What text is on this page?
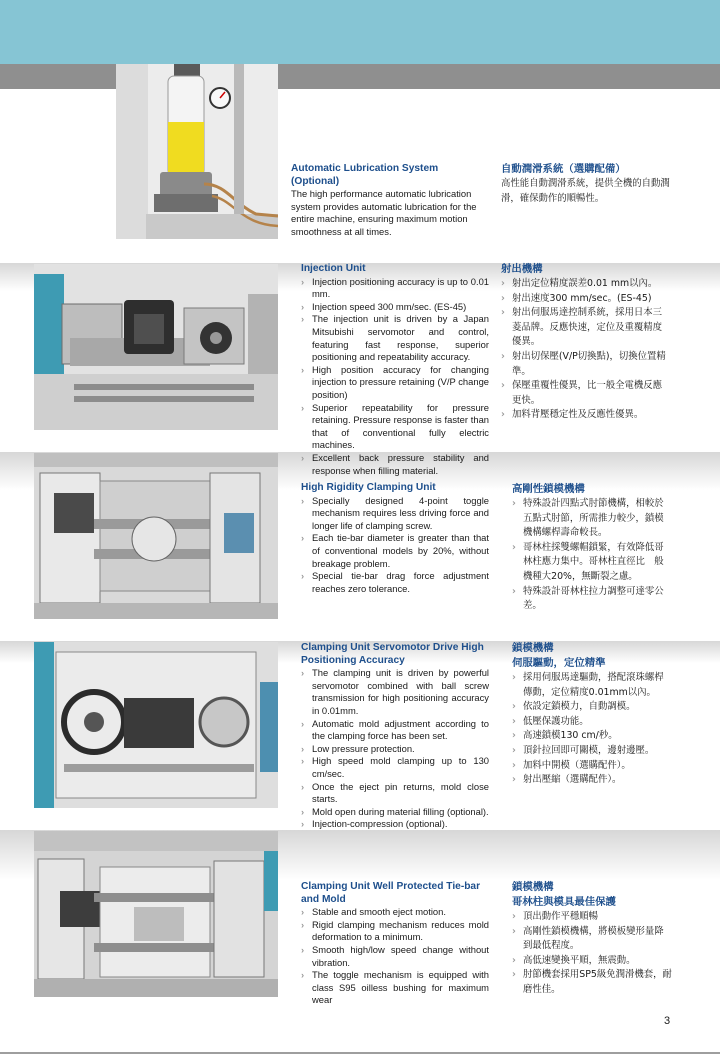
Automatic Lubrication System (Optional)

The high performance automatic lubrication system provides automatic lubrication for the entire machine, ensuring maximum motion smoothness at all times.

自動潤滑系統（選購配備）

高性能自動潤滑系統，提供全機的自動潤滑，確保動作的順暢性。

Injection Unit

› Injection positioning accuracy is up to 0.01 mm.
› Injection speed 300 mm/sec. (ES-45)
› The injection unit is driven by a Japan Mitsubishi servomotor and control, featuring fast response, superior positioning and repeatability accuracy.
› High position accuracy for changing injection to pressure retaining (V/P change position)
› Superior repeatability for pressure retaining. Pressure response is faster than that of conventional fully electric machines.
› Excellent back pressure stability and response when filling material.

射出機構

› 射出定位精度誤差0.01 mm以內。
› 射出速度300 mm/sec。(ES-45)
› 射出伺服馬達控制系統，採用日本三菱品牌。反應快速，定位及重覆精度優異。
› 射出切保壓(V/P切換點)，切換位置精準。
› 保壓重覆性優異，比一般全電機反應更快。
› 加料背壓穩定性及反應性優異。

High Rigidity Clamping Unit

› Specially designed 4-point toggle mechanism requires less driving force and longer life of clamping screw.
› Each tie-bar diameter is greater than that of conventional models by 20%, without breakage problem.
› Special tie-bar drag force adjustment reaches zero tolerance.

高剛性鎖模機構

› 特殊設計四點式肘節機構，相較於五點式肘節，所需推力較少，鎖模機構螺桿壽命較長。
› 哥林柱採雙螺帽鎖緊，有效降低哥林柱應力集中。哥林柱直徑比　般機種大20%，無斷裂之慮。
› 特殊設計哥林柱拉力調整可達零公差。

Clamping Unit Servomotor Drive High Positioning Accuracy

› The clamping unit is driven by powerful servomotor combined with ball screw transmission for high positioning accuracy in 0.01mm.
› Automatic mold adjustment according to the clamping force has been set.
› Low pressure protection.
› High speed mold clamping up to 130 cm/sec.
› Once the eject pin returns, mold close starts.
› Mold open during material filling (optional).
› Injection-compression (optional).

鎖模機構

伺服驅動，定位精準

› 採用伺服馬達驅動，搭配滾珠螺桿傳動，定位精度0.01mm以內。
› 依設定鎖模力，自動調模。
› 低壓保護功能。
› 高速鎖模130 cm/秒。
› 頂針拉回即可關模，邊射邊壓。
› 加料中開模（選購配件）。
› 射出壓縮（選購配件）。

Clamping Unit Well Protected Tie-bar and Mold

› Stable and smooth eject motion.
› Rigid clamping mechanism reduces mold deformation to a minimum.
› Smooth high/low speed change without vibration.
› The toggle mechanism is equipped with class S95 oilless bushing for maximum wear

鎖模機構

哥林柱與模具最佳保護

› 頂出動作平穩順暢
› 高剛性鎖模機構，將模板變形量降到最低程度。
› 高低速變換平順，無震動。
› 肘節機套採用SP5級免潤滑機套，耐磨性佳。
3
